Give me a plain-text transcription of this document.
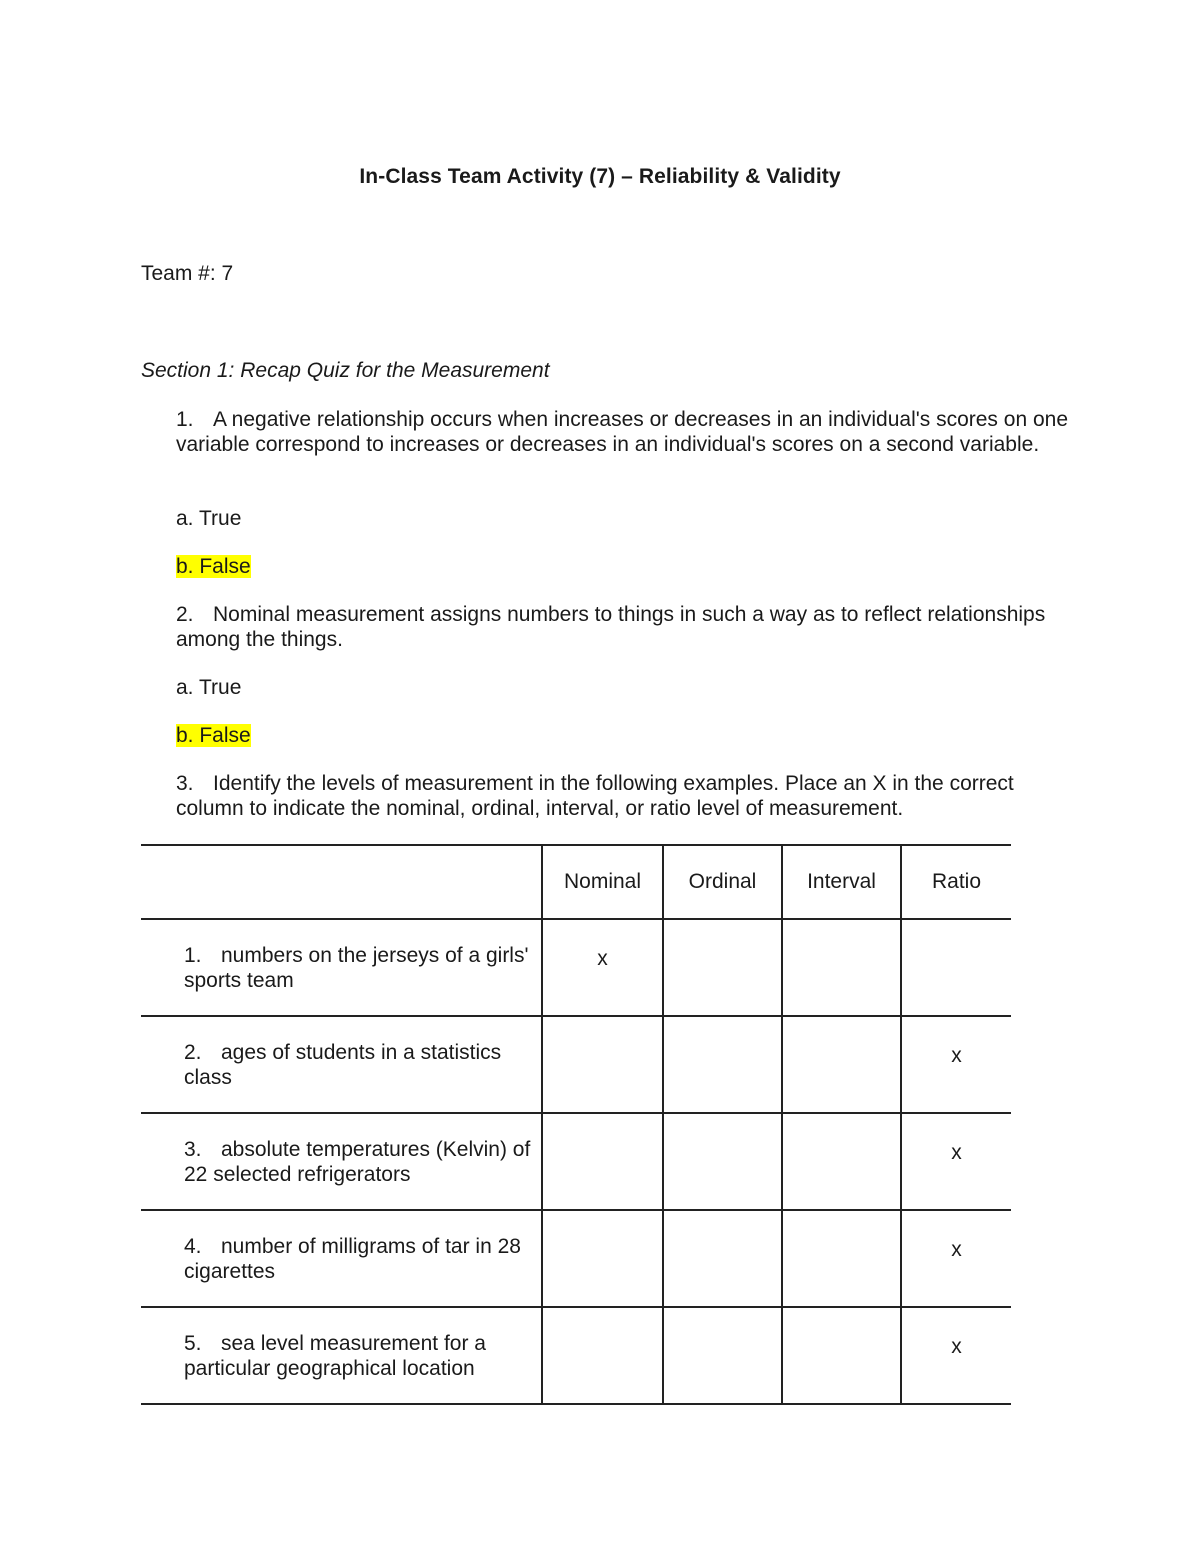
In-Class Team Activity (7) – Reliability & Validity
Team #: 7
Section 1: Recap Quiz for the Measurement
1. A negative relationship occurs when increases or decreases in an individual's scores on one variable correspond to increases or decreases in an individual's scores on a second variable.
a. True
b. False
2. Nominal measurement assigns numbers to things in such a way as to reflect relationships among the things.
a. True
b. False
3. Identify the levels of measurement in the following examples. Place an X in the correct column to indicate the nominal, ordinal, interval, or ratio level of measurement.
	Nominal	Ordinal	Interval	Ratio

1. numbers on the jerseys of a girls' sports team	x			

2. ages of students in a statistics class				x

3. absolute temperatures (Kelvin) of 22 selected refrigerators				x

4. number of milligrams of tar in 28 cigarettes				x

5. sea level measurement for a particular geographical location				x
